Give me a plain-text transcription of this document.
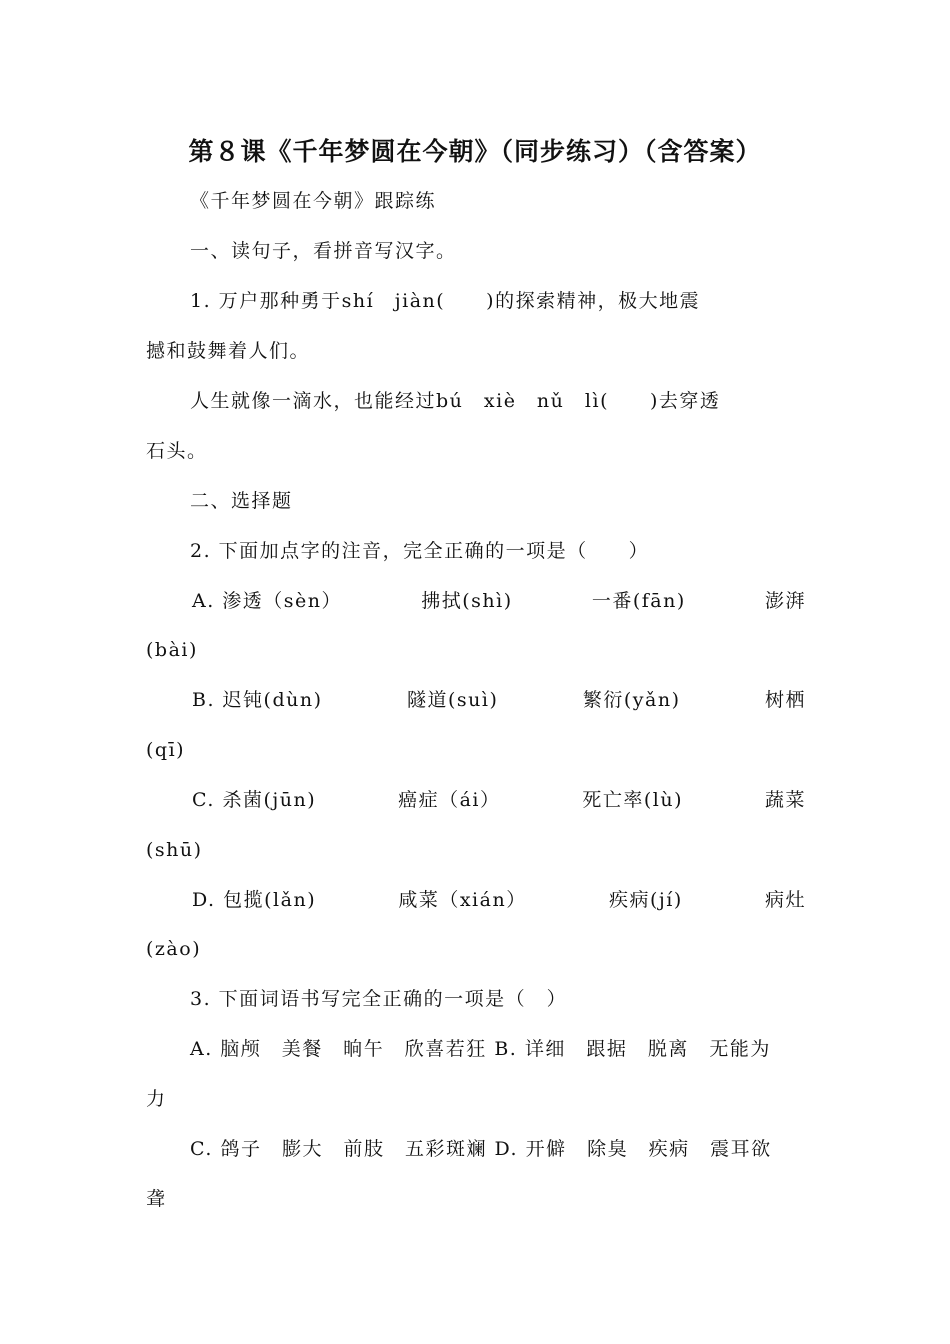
第８课《千年梦圆在今朝》（同步练习）（含答案）
《千年梦圆在今朝》跟踪练
一、读句子，看拼音写汉字。
1. 万户那种勇于shí　jiàn(　　)的探索精神，极大地震
撼和鼓舞着人们。
人生就像一滴水，也能经过bú　xiè　nǔ　lì(　　)去穿透
石头。
二、选择题
2. 下面加点字的注音，完全正确的一项是（　　）
A. 渗透（sèn）	拂拭(shì)	一番(fān)	澎湃
(bài)
B. 迟钝(dùn)	隧道(suì)	繁衍(yǎn)	树栖
(qī)
C. 杀菌(jūn)	癌症（ái）	死亡率(lù)	蔬菜
(shū)
D. 包揽(lǎn)	咸菜（xián）	疾病(jí)	病灶
(zào)
3. 下面词语书写完全正确的一项是（　）
A. 脑颅　美餐　晌午　欣喜若狂 B. 详细　跟据　脱离　无能为
力
C. 鸽子　膨大　前肢　五彩斑斓 D. 开僻　除臭　疾病　震耳欲
聋
